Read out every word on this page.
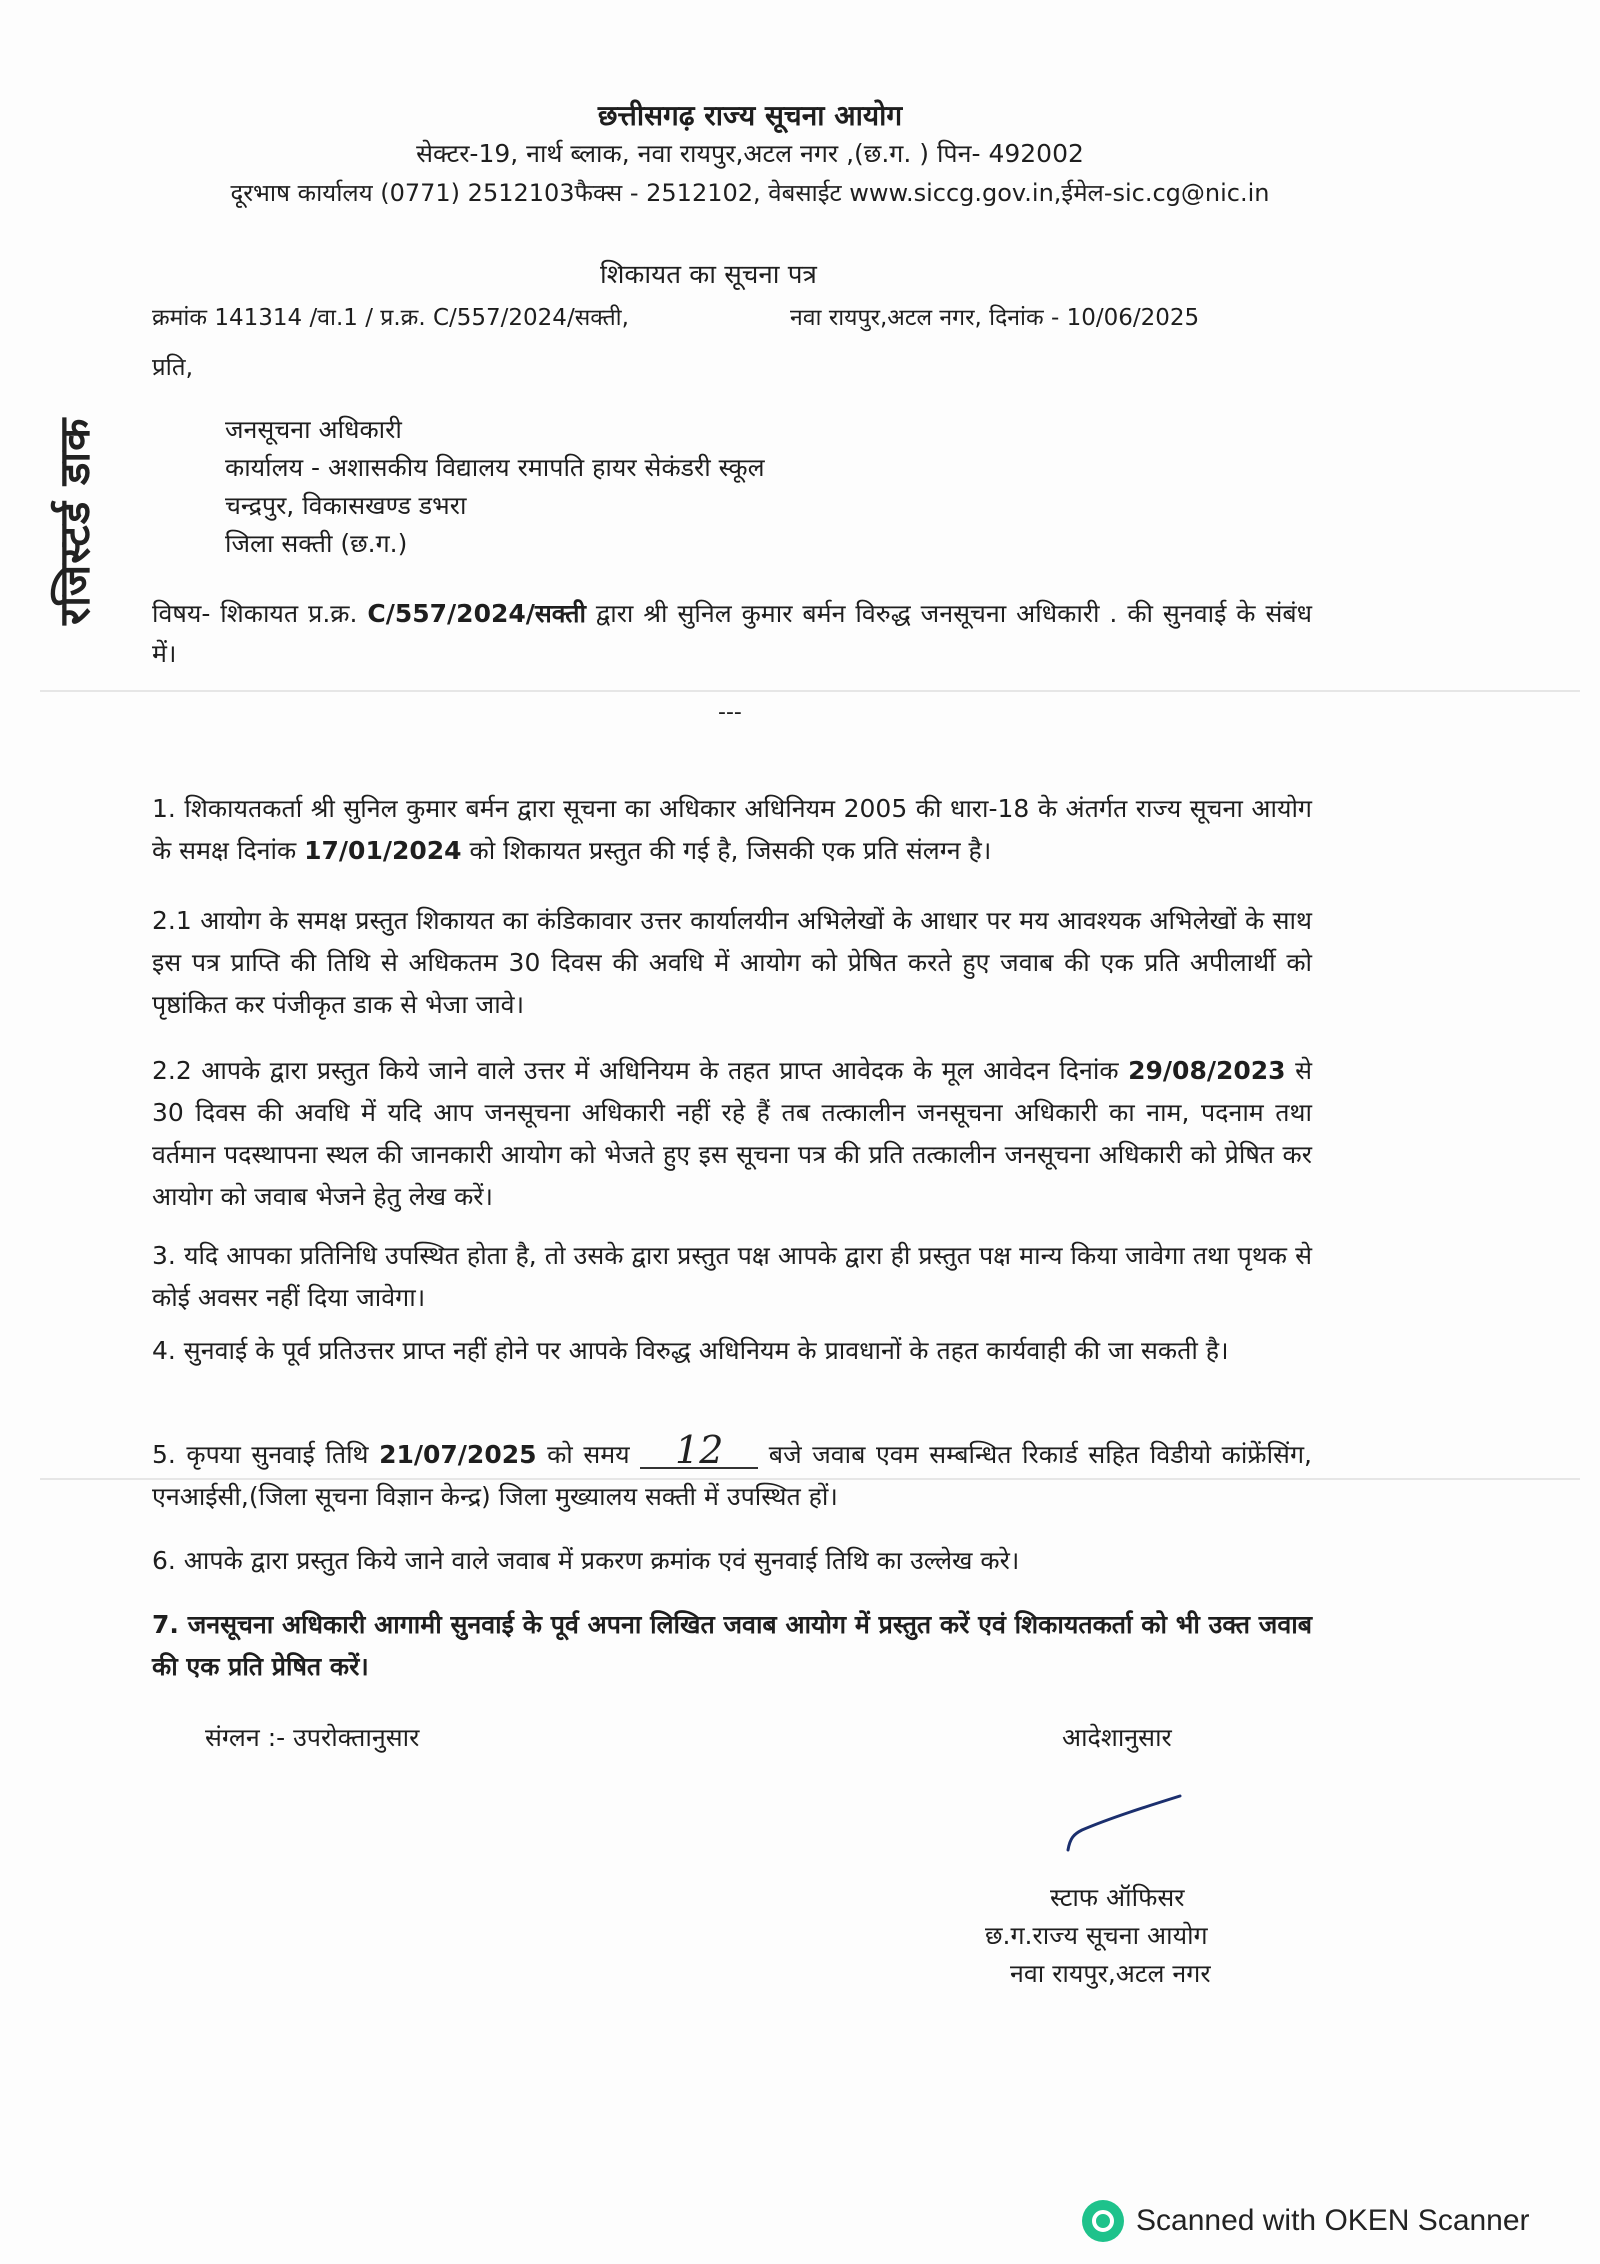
छत्तीसगढ़ राज्य सूचना आयोग
सेक्टर-19, नार्थ ब्लाक, नवा रायपुर,अटल नगर ,(छ.ग. ) पिन- 492002
दूरभाष कार्यालय (0771) 2512103फैक्स - 2512102, वेबसाईट www.siccg.gov.in,ईमेल-sic.cg@nic.in
शिकायत का सूचना पत्र
क्रमांक 141314 /वा.1 / प्र.क्र. C/557/2024/सक्ती,	नवा रायपुर,अटल नगर, दिनांक - 10/06/2025
रजिस्टर्ड डाक
प्रति,
जनसूचना अधिकारी
कार्यालय - अशासकीय विद्यालय रमापति हायर सेकंडरी स्कूल
चन्द्रपुर, विकासखण्ड डभरा
जिला सक्ती (छ.ग.)
विषय- शिकायत प्र.क्र. C/557/2024/सक्ती द्वारा श्री सुनिल कुमार बर्मन विरुद्ध जनसूचना अधिकारी . की सुनवाई के संबंध में।
---
1. शिकायतकर्ता श्री सुनिल कुमार बर्मन द्वारा सूचना का अधिकार अधिनियम 2005 की धारा-18 के अंतर्गत राज्य सूचना आयोग के समक्ष दिनांक 17/01/2024 को शिकायत प्रस्तुत की गई है, जिसकी एक प्रति संलग्न है।
2.1 आयोग के समक्ष प्रस्तुत शिकायत का कंडिकावार उत्तर कार्यालयीन अभिलेखों के आधार पर मय आवश्यक अभिलेखों के साथ इस पत्र प्राप्ति की तिथि से अधिकतम 30 दिवस की अवधि में आयोग को प्रेषित करते हुए जवाब की एक प्रति अपीलार्थी को पृष्ठांकित कर पंजीकृत डाक से भेजा जावे।
2.2 आपके द्वारा प्रस्तुत किये जाने वाले उत्तर में अधिनियम के तहत प्राप्त आवेदक के मूल आवेदन दिनांक 29/08/2023 से 30 दिवस की अवधि में यदि आप जनसूचना अधिकारी नहीं रहे हैं तब तत्कालीन जनसूचना अधिकारी का नाम, पदनाम तथा वर्तमान पदस्थापना स्थल की जानकारी आयोग को भेजते हुए इस सूचना पत्र की प्रति तत्कालीन जनसूचना अधिकारी को प्रेषित कर आयोग को जवाब भेजने हेतु लेख करें।
3. यदि आपका प्रतिनिधि उपस्थित होता है, तो उसके द्वारा प्रस्तुत पक्ष आपके द्वारा ही प्रस्तुत पक्ष मान्य किया जावेगा तथा पृथक से कोई अवसर नहीं दिया जावेगा।
4. सुनवाई के पूर्व प्रतिउत्तर प्राप्त नहीं होने पर आपके विरुद्ध अधिनियम के प्रावधानों के तहत कार्यवाही की जा सकती है।
5. कृपया सुनवाई तिथि 21/07/2025 को समय 12 बजे जवाब एवम सम्बन्धित रिकार्ड सहित विडीयो कांफ्रेंसिंग, एनआईसी,(जिला सूचना विज्ञान केन्द्र) जिला मुख्यालय सक्ती में उपस्थित हों।
6. आपके द्वारा प्रस्तुत किये जाने वाले जवाब में प्रकरण क्रमांक एवं सुनवाई तिथि का उल्लेख करे।
7. जनसूचना अधिकारी आगामी सुनवाई के पूर्व अपना लिखित जवाब आयोग में प्रस्तुत करें एवं शिकायतकर्ता को भी उक्त जवाब की एक प्रति प्रेषित करें।
संग्लन :- उपरोक्तानुसार	आदेशानुसार
स्टाफ ऑफिसर
छ.ग.राज्य सूचना आयोग
नवा रायपुर,अटल नगर
Scanned with OKEN Scanner
